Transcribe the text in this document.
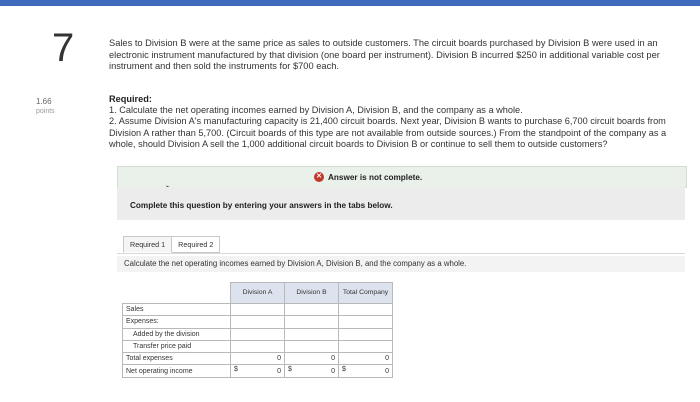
7
1.66
points
Sales to Division B were at the same price as sales to outside customers. The circuit boards purchased by Division B were used in an electronic instrument manufactured by that division (one board per instrument). Division B incurred $250 in additional variable cost per instrument and then sold the instruments for $700 each.
Required:
1. Calculate the net operating incomes earned by Division A, Division B, and the company as a whole.
2. Assume Division A's manufacturing capacity is 21,400 circuit boards. Next year, Division B wants to purchase 6,700 circuit boards from Division A rather than 5,700. (Circuit boards of this type are not available from outside sources.) From the standpoint of the company as a whole, should Division A sell the 1,000 additional circuit boards to Division B or continue to sell them to outside customers?
✕ Answer is not complete.
Complete this question by entering your answers in the tabs below.
Required 1	Required 2
Calculate the net operating incomes earned by Division A, Division B, and the company as a whole.
	Division A	Division B	Total Company
Sales			
Expenses:			
Added by the division			
Transfer price paid			
Total expenses	0	0	0
Net operating income	$ 0	$ 0	$ 0
